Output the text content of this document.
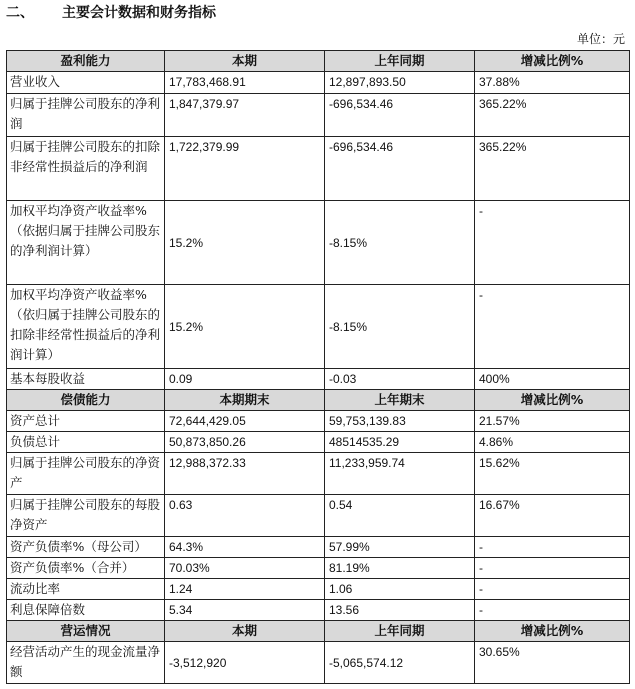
二、 主要会计数据和财务指标
单位：元
盈利能力	本期	上年同期	增减比例%
营业收入	17,783,468.91	12,897,893.50	37.88%
归属于挂牌公司股东的净利润	1,847,379.97	-696,534.46	365.22%
归属于挂牌公司股东的扣除非经常性损益后的净利润	1,722,379.99	-696,534.46	365.22%
加权平均净资产收益率%（依据归属于挂牌公司股东的净利润计算）	15.2%	-8.15%	-
加权平均净资产收益率%（依归属于挂牌公司股东的扣除非经常性损益后的净利润计算）	15.2%	-8.15%	-
基本每股收益	0.09	-0.03	400%
偿债能力	本期期末	上年期末	增减比例%
资产总计	72,644,429.05	59,753,139.83	21.57%
负债总计	50,873,850.26	48514535.29	4.86%
归属于挂牌公司股东的净资产	12,988,372.33	11,233,959.74	15.62%
归属于挂牌公司股东的每股净资产	0.63	0.54	16.67%
资产负债率%（母公司）	64.3%	57.99%	-
资产负债率%（合并）	70.03%	81.19%	-
流动比率	1.24	1.06	-
利息保障倍数	5.34	13.56	-
营运情况	本期	上年同期	增减比例%
经营活动产生的现金流量净额	-3,512,920	-5,065,574.12	30.65%
